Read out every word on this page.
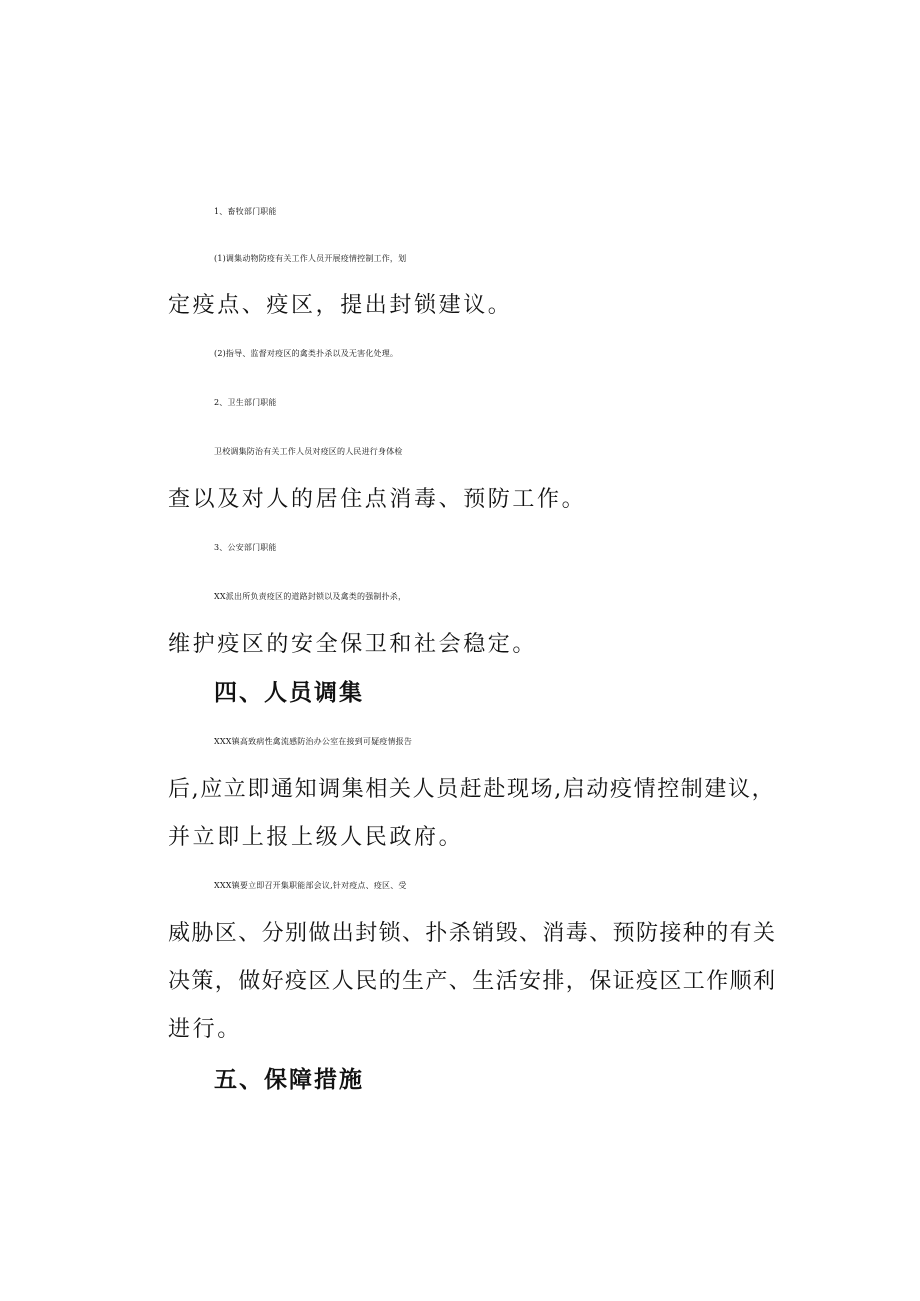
1、畜牧部门职能
(1)调集动物防疫有关工作人员开展疫情控制工作，划
定疫点、疫区，提出封锁建议。
(2)指导、监督对疫区的禽类扑杀以及无害化处理。
2、卫生部门职能
卫校调集防治有关工作人员对疫区的人民进行身体检
查以及对人的居住点消毒、预防工作。
3、公安部门职能
XX派出所负责疫区的道路封锁以及禽类的强制扑杀，
维护疫区的安全保卫和社会稳定。
四、人员调集
XXX镇高致病性禽流感防治办公室在接到可疑疫情报告
后,应立即通知调集相关人员赶赴现场,启动疫情控制建议，
并立即上报上级人民政府。
XXX镇要立即召开集职能部会议,针对疫点、疫区、受
威胁区、分别做出封锁、扑杀销毁、消毒、预防接种的有关
决策，做好疫区人民的生产、生活安排，保证疫区工作顺利
进行。
五、保障措施
